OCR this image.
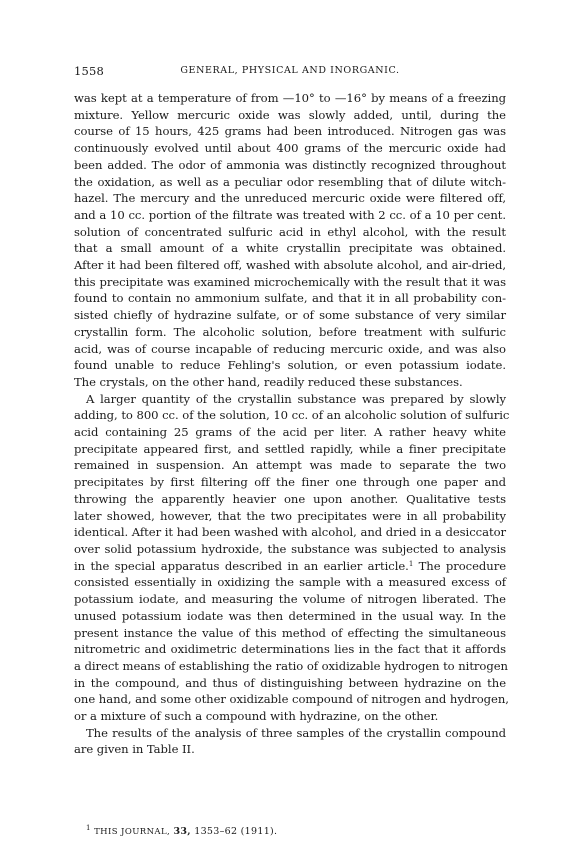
1558	GENERAL, PHYSICAL AND INORGANIC.

was kept at a temperature of from —10° to —16° by means of a freezing
mixture. Yellow mercuric oxide was slowly added, until, during the
course of 15 hours, 425 grams had been introduced. Nitrogen gas was
continuously evolved until about 400 grams of the mercuric oxide had
been added. The odor of ammonia was distinctly recognized throughout
the oxidation, as well as a peculiar odor resembling that of dilute witch-
hazel. The mercury and the unreduced mercuric oxide were filtered off,
and a 10 cc. portion of the filtrate was treated with 2 cc. of a 10 per cent.
solution of concentrated sulfuric acid in ethyl alcohol, with the result
that a small amount of a white crystallin precipitate was obtained.
After it had been filtered off, washed with absolute alcohol, and air-dried,
this precipitate was examined microchemically with the result that it was
found to contain no ammonium sulfate, and that it in all probability con-
sisted chiefly of hydrazine sulfate, or of some substance of very similar
crystallin form. The alcoholic solution, before treatment with sulfuric
acid, was of course incapable of reducing mercuric oxide, and was also
found unable to reduce Fehling's solution, or even potassium iodate.
The crystals, on the other hand, readily reduced these substances.

A larger quantity of the crystallin substance was prepared by slowly
adding, to 800 cc. of the solution, 10 cc. of an alcoholic solution of sulfuric
acid containing 25 grams of the acid per liter. A rather heavy white
precipitate appeared first, and settled rapidly, while a finer precipitate
remained in suspension. An attempt was made to separate the two
precipitates by first filtering off the finer one through one paper and
throwing the apparently heavier one upon another. Qualitative tests
later showed, however, that the two precipitates were in all probability
identical. After it had been washed with alcohol, and dried in a desiccator
over solid potassium hydroxide, the substance was subjected to analysis
in the special apparatus described in an earlier article.$^1$ The procedure
consisted essentially in oxidizing the sample with a measured excess of
potassium iodate, and measuring the volume of nitrogen liberated. The
unused potassium iodate was then determined in the usual way. In the
present instance the value of this method of effecting the simultaneous
nitrometric and oxidimetric determinations lies in the fact that it affords
a direct means of establishing the ratio of oxidizable hydrogen to nitrogen
in the compound, and thus of distinguishing between hydrazine on the
one hand, and some other oxidizable compound of nitrogen and hydrogen,
or a mixture of such a compound with hydrazine, on the other.

The results of the analysis of three samples of the crystallin compound
are given in Table II.

$^1$ THIS JOURNAL, 33, 1353–62 (1911).
